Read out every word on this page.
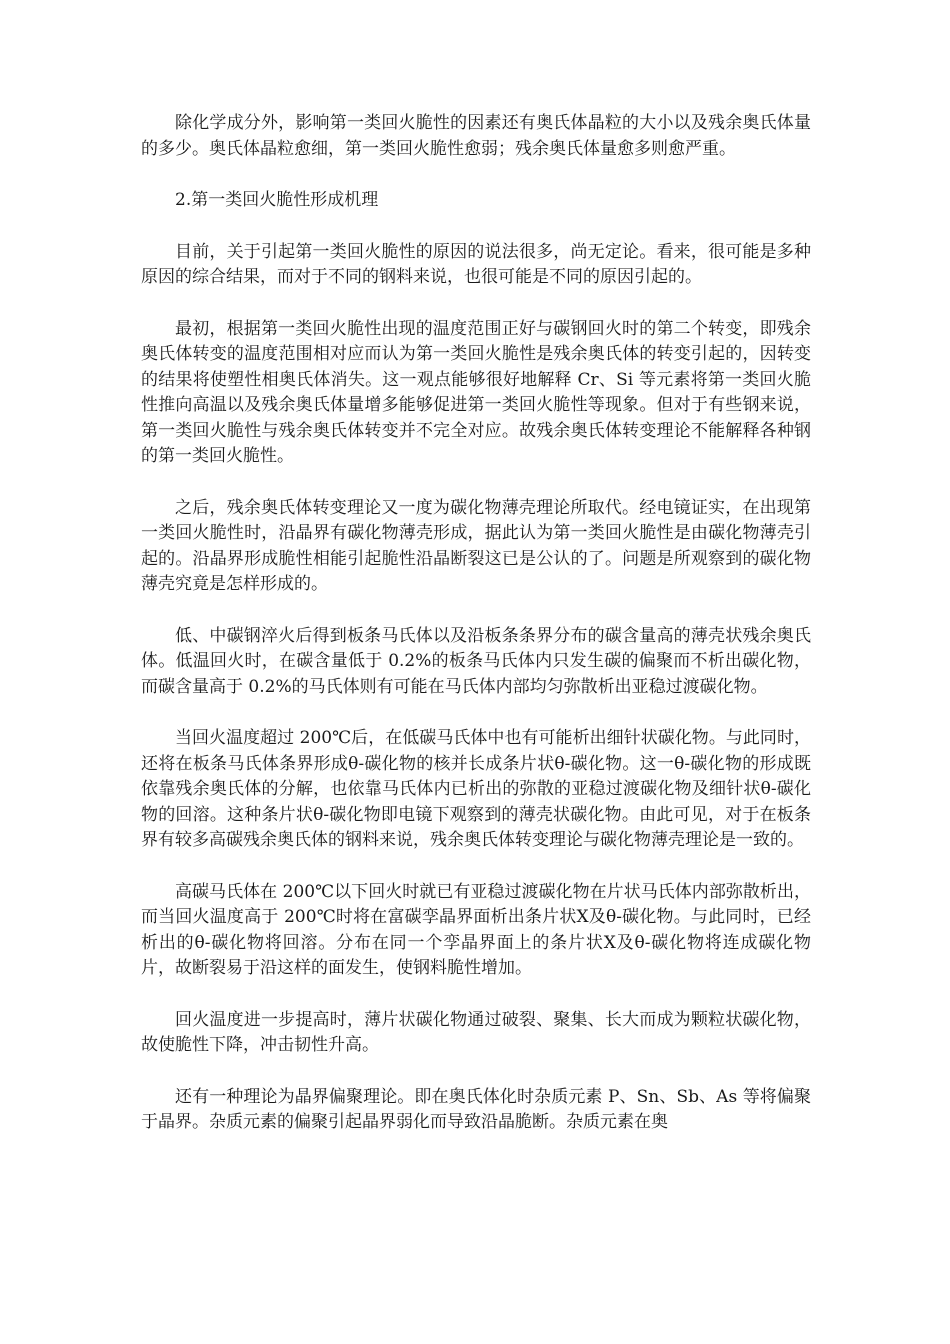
除化学成分外，影响第一类回火脆性的因素还有奥氏体晶粒的大小以及残余奥氏体量的多少。奥氏体晶粒愈细，第一类回火脆性愈弱；残余奥氏体量愈多则愈严重。

2.第一类回火脆性形成机理

目前，关于引起第一类回火脆性的原因的说法很多，尚无定论。看来，很可能是多种原因的综合结果，而对于不同的钢料来说，也很可能是不同的原因引起的。

最初，根据第一类回火脆性出现的温度范围正好与碳钢回火时的第二个转变，即残余奥氏体转变的温度范围相对应而认为第一类回火脆性是残余奥氏体的转变引起的，因转变的结果将使塑性相奥氏体消失。这一观点能够很好地解释 Cr、Si 等元素将第一类回火脆性推向高温以及残余奥氏体量增多能够促进第一类回火脆性等现象。但对于有些钢来说，第一类回火脆性与残余奥氏体转变并不完全对应。故残余奥氏体转变理论不能解释各种钢的第一类回火脆性。

之后，残余奥氏体转变理论又一度为碳化物薄壳理论所取代。经电镜证实，在出现第一类回火脆性时，沿晶界有碳化物薄壳形成，据此认为第一类回火脆性是由碳化物薄壳引起的。沿晶界形成脆性相能引起脆性沿晶断裂这已是公认的了。问题是所观察到的碳化物薄壳究竟是怎样形成的。

低、中碳钢淬火后得到板条马氏体以及沿板条条界分布的碳含量高的薄壳状残余奥氏体。低温回火时，在碳含量低于 0.2%的板条马氏体内只发生碳的偏聚而不析出碳化物，而碳含量高于 0.2%的马氏体则有可能在马氏体内部均匀弥散析出亚稳过渡碳化物。

当回火温度超过 200℃后，在低碳马氏体中也有可能析出细针状碳化物。与此同时，还将在板条马氏体条界形成θ-碳化物的核并长成条片状θ-碳化物。这一θ-碳化物的形成既依靠残余奥氏体的分解，也依靠马氏体内已析出的弥散的亚稳过渡碳化物及细针状θ-碳化物的回溶。这种条片状θ-碳化物即电镜下观察到的薄壳状碳化物。由此可见，对于在板条界有较多高碳残余奥氏体的钢料来说，残余奥氏体转变理论与碳化物薄壳理论是一致的。

高碳马氏体在 200℃以下回火时就已有亚稳过渡碳化物在片状马氏体内部弥散析出，而当回火温度高于 200℃时将在富碳孪晶界面析出条片状Χ及θ-碳化物。与此同时，已经析出的θ-碳化物将回溶。分布在同一个孪晶界面上的条片状Χ及θ-碳化物将连成碳化物片，故断裂易于沿这样的面发生，使钢料脆性增加。

回火温度进一步提高时，薄片状碳化物通过破裂、聚集、长大而成为颗粒状碳化物，故使脆性下降，冲击韧性升高。

还有一种理论为晶界偏聚理论。即在奥氏体化时杂质元素 P、Sn、Sb、As 等将偏聚于晶界。杂质元素的偏聚引起晶界弱化而导致沿晶脆断。杂质元素在奥
